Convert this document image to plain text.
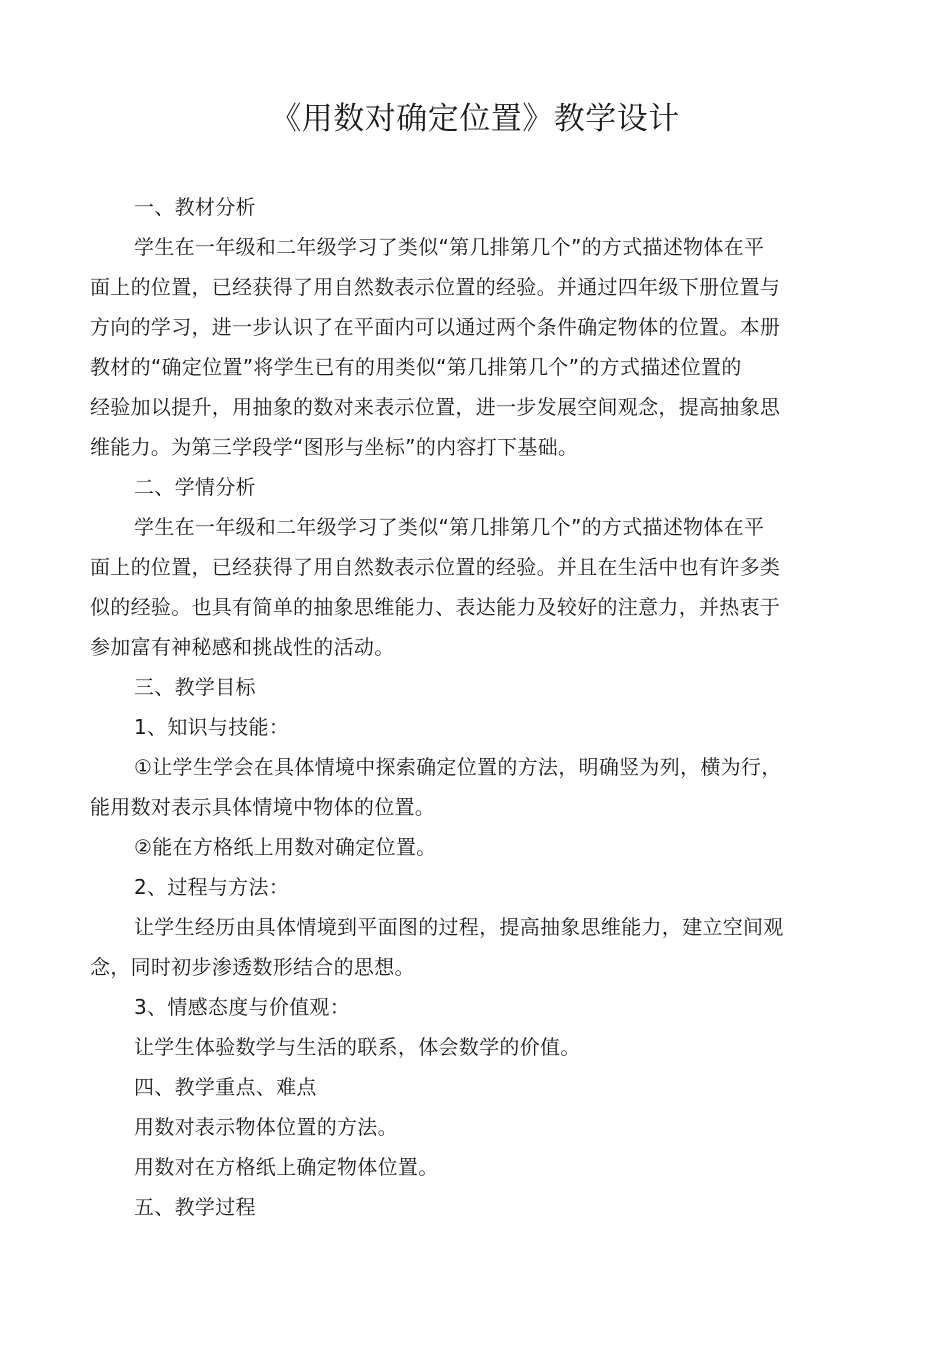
《用数对确定位置》教学设计
一、教材分析
学生在一年级和二年级学习了类似“第几排第几个”的方式描述物体在平
面上的位置，已经获得了用自然数表示位置的经验。并通过四年级下册位置与
方向的学习，进一步认识了在平面内可以通过两个条件确定物体的位置。本册
教材的“确定位置”将学生已有的用类似“第几排第几个”的方式描述位置的
经验加以提升，用抽象的数对来表示位置，进一步发展空间观念，提高抽象思
维能力。为第三学段学“图形与坐标”的内容打下基础。
二、学情分析
学生在一年级和二年级学习了类似“第几排第几个”的方式描述物体在平
面上的位置，已经获得了用自然数表示位置的经验。并且在生活中也有许多类
似的经验。也具有简单的抽象思维能力、表达能力及较好的注意力，并热衷于
参加富有神秘感和挑战性的活动。
三、教学目标
1、知识与技能：
①让学生学会在具体情境中探索确定位置的方法，明确竖为列，横为行，
能用数对表示具体情境中物体的位置。
②能在方格纸上用数对确定位置。
2、过程与方法：
让学生经历由具体情境到平面图的过程，提高抽象思维能力，建立空间观
念，同时初步渗透数形结合的思想。
3、情感态度与价值观：
让学生体验数学与生活的联系，体会数学的价值。
四、教学重点、难点
用数对表示物体位置的方法。
用数对在方格纸上确定物体位置。
五、教学过程
